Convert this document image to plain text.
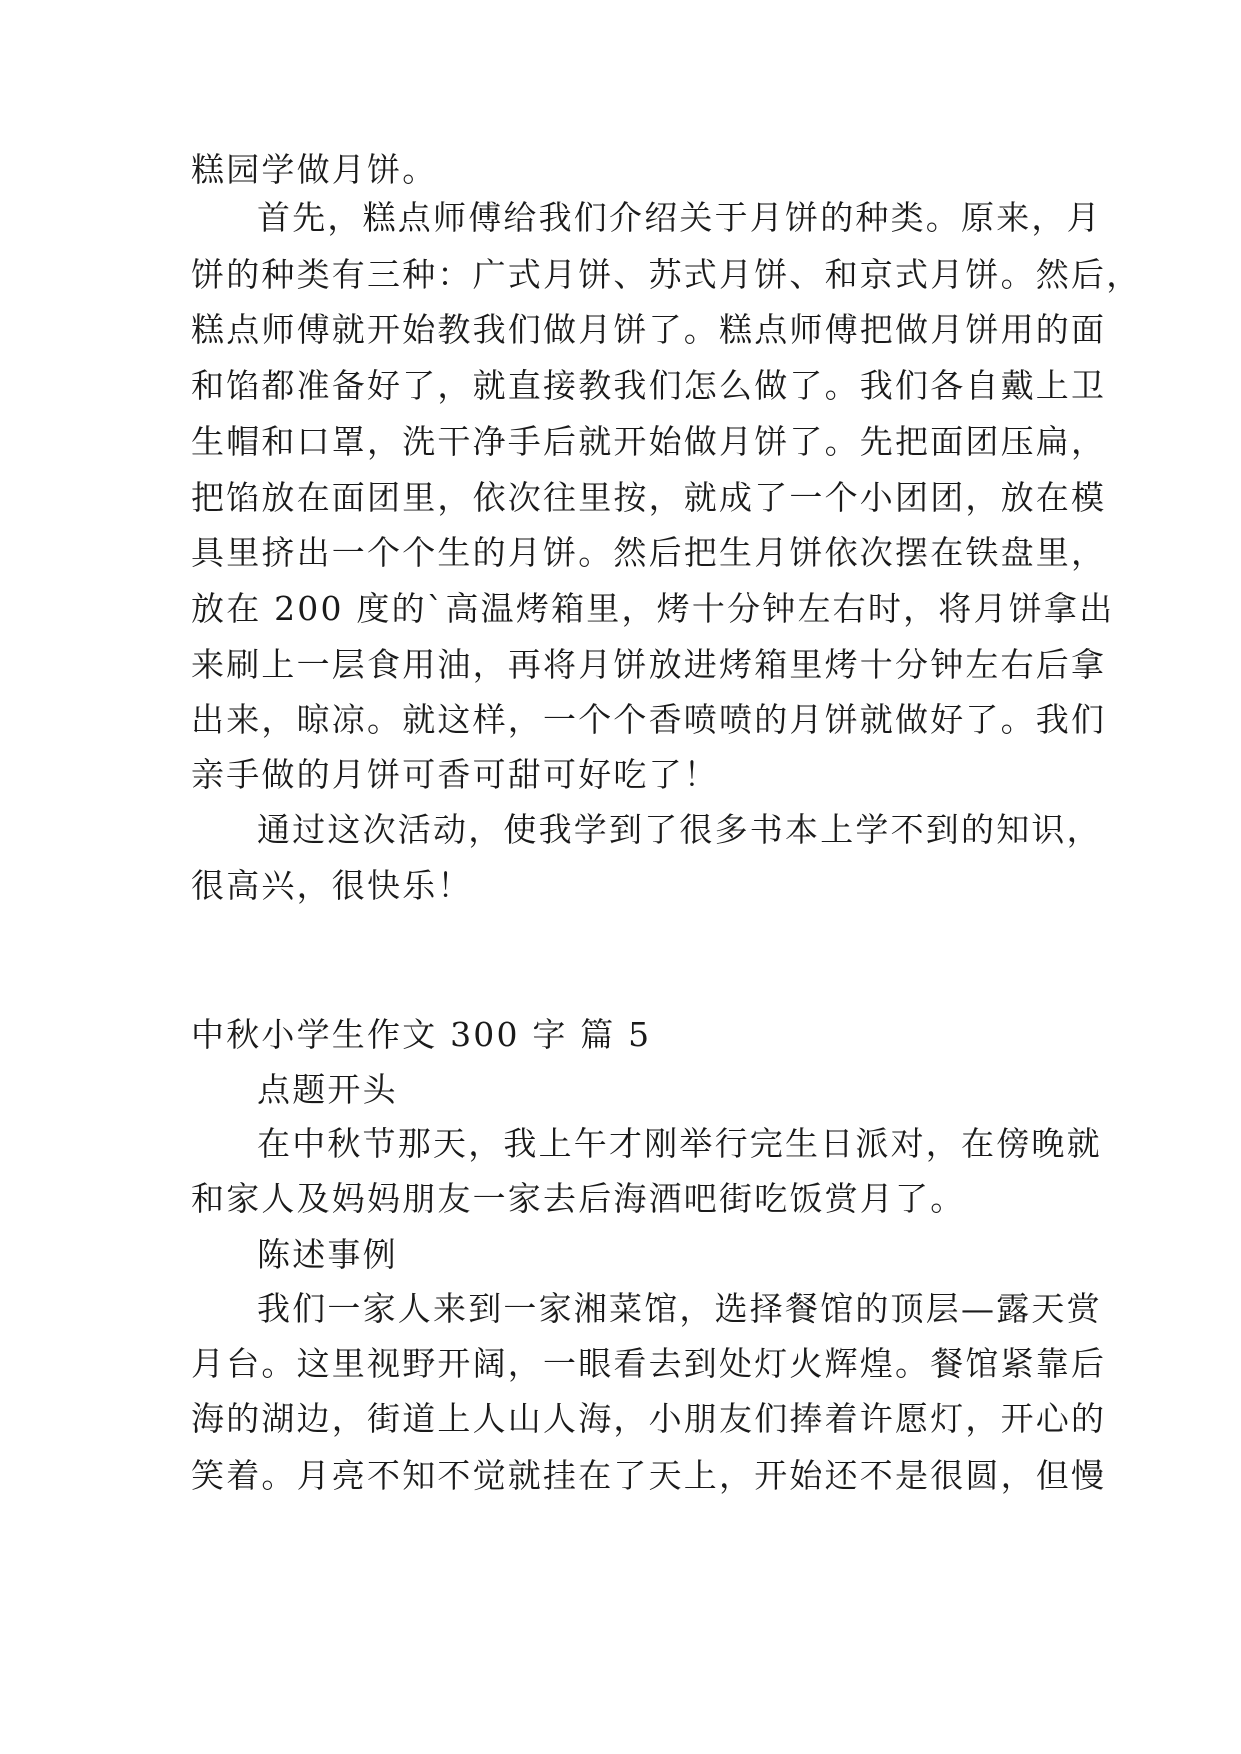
糕园学做月饼。
首先，糕点师傅给我们介绍关于月饼的种类。原来，月
饼的种类有三种：广式月饼、苏式月饼、和京式月饼。然后，
糕点师傅就开始教我们做月饼了。糕点师傅把做月饼用的面
和馅都准备好了，就直接教我们怎么做了。我们各自戴上卫
生帽和口罩，洗干净手后就开始做月饼了。先把面团压扁，
把馅放在面团里，依次往里按，就成了一个小团团，放在模
具里挤出一个个生的月饼。然后把生月饼依次摆在铁盘里，
放在 200 度的`高温烤箱里，烤十分钟左右时，将月饼拿出
来刷上一层食用油，再将月饼放进烤箱里烤十分钟左右后拿
出来，晾凉。就这样，一个个香喷喷的月饼就做好了。我们
亲手做的月饼可香可甜可好吃了！
通过这次活动，使我学到了很多书本上学不到的知识，
很高兴，很快乐！
中秋小学生作文 300 字 篇 5
点题开头
在中秋节那天，我上午才刚举行完生日派对，在傍晚就
和家人及妈妈朋友一家去后海酒吧街吃饭赏月了。
陈述事例
我们一家人来到一家湘菜馆，选择餐馆的顶层—露天赏
月台。这里视野开阔，一眼看去到处灯火辉煌。餐馆紧靠后
海的湖边，街道上人山人海，小朋友们捧着许愿灯，开心的
笑着。月亮不知不觉就挂在了天上，开始还不是很圆，但慢
